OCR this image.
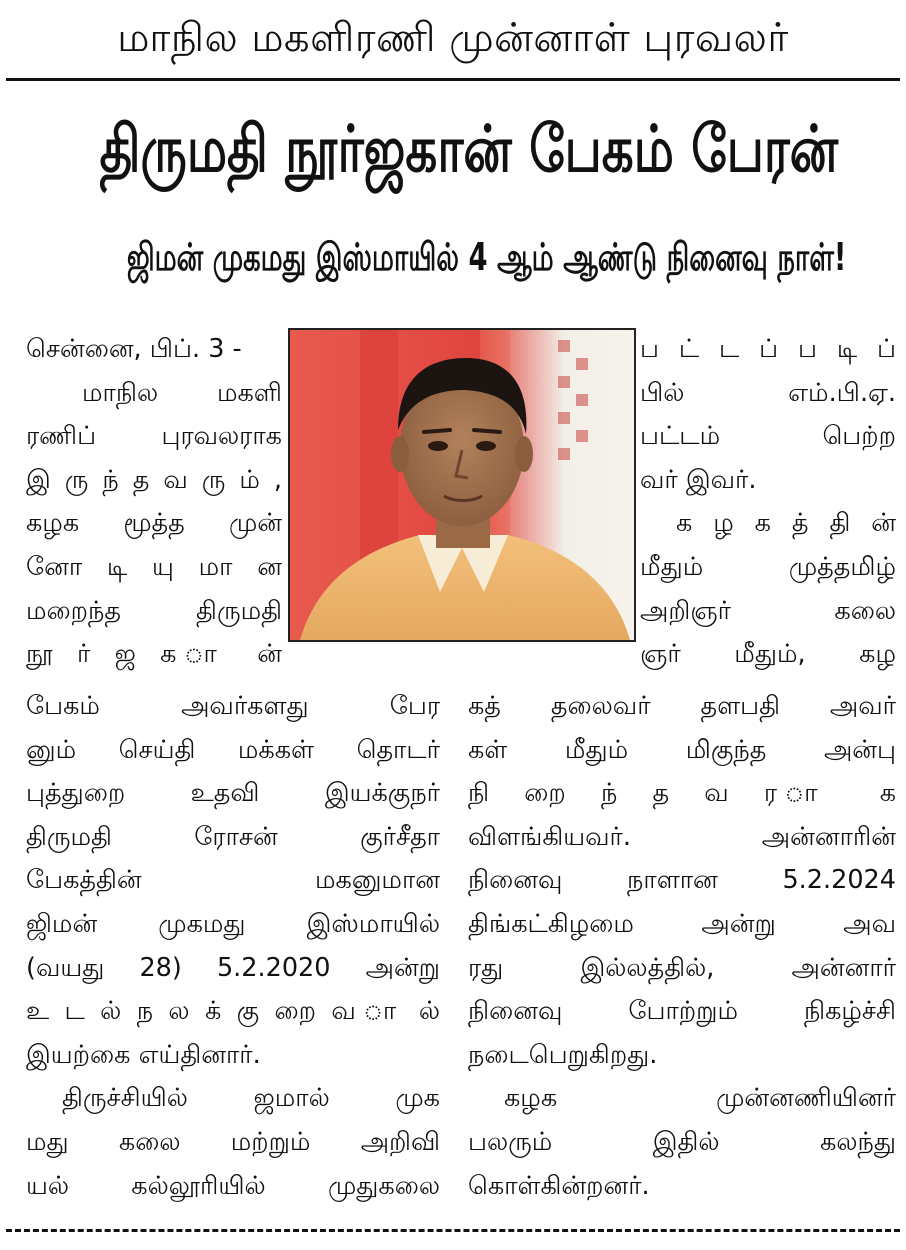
மாநில மகளிரணி முன்னாள் புரவலர்
திருமதி நூர்ஜகான் பேகம் பேரன்
ஜிமன் முகமது இஸ்மாயில் 4 ஆம் ஆண்டு நினைவு நாள்!
சென்னை, பிப். 3 -
மாநில மகளி
ரணிப் புரவலராக
இ ரு ந் த வ ரு ம் ,
கழக மூத்த முன்
னோ டி யு மா ன
மறைந்த திருமதி
நூ ர் ஜ க ா ன்
ப ட் ட ப் ப டி ப்
பில் எம்.பி.ஏ.
பட்டம் பெற்ற
வர் இவர்.
க ழ க த் தி ன்
மீதும் முத்தமிழ்
அறிஞர் கலை
ஞர் மீதும், கழ
பேகம் அவர்களது பேர
னும் செய்தி மக்கள் தொடர்
புத்துறை உதவி இயக்குநர்
திருமதி ரோசன் குர்சீதா
பேகத்தின் மகனுமான
ஜிமன் முகமது இஸ்மாயில்
(வயது 28) 5.2.2020 அன்று
உ ட ல் ந ல க் கு றை வ ா ல்
இயற்கை எய்தினார்.
திருச்சியில் ஜமால் முக
மது கலை மற்றும் அறிவி
யல் கல்லூரியில் முதுகலை
கத் தலைவர் தளபதி அவர்
கள் மீதும் மிகுந்த அன்பு
நி றை ந் த வ ர ா க
விளங்கியவர். அன்னாரின்
நினைவு நாளான 5.2.2024
திங்கட்கிழமை அன்று அவ
ரது இல்லத்தில், அன்னார்
நினைவு போற்றும் நிகழ்ச்சி
நடைபெறுகிறது.
கழக முன்னணியினர்
பலரும் இதில் கலந்து
கொள்கின்றனர்.
